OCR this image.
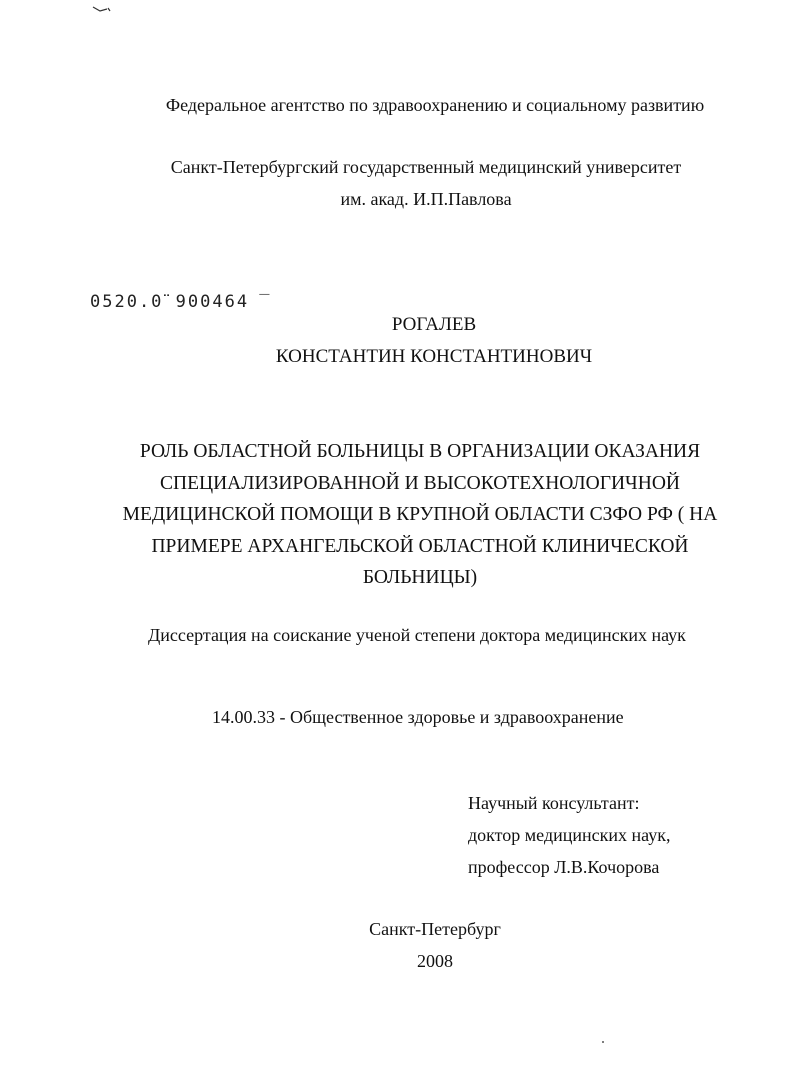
Федеральное агентство по здравоохранению и социальному развитию
Санкт-Петербургский государственный медицинский университет
им. акад. И.П.Павлова
0520.0̈ 900464 ̅
РОГАЛЕВ
КОНСТАНТИН КОНСТАНТИНОВИЧ
РОЛЬ ОБЛАСТНОЙ БОЛЬНИЦЫ В ОРГАНИЗАЦИИ ОКАЗАНИЯ
СПЕЦИАЛИЗИРОВАННОЙ И ВЫСОКОТЕХНОЛОГИЧНОЙ
МЕДИЦИНСКОЙ ПОМОЩИ В КРУПНОЙ ОБЛАСТИ СЗФО РФ ( НА
ПРИМЕРЕ АРХАНГЕЛЬСКОЙ ОБЛАСТНОЙ КЛИНИЧЕСКОЙ
БОЛЬНИЦЫ)
Диссертация на соискание ученой степени доктора медицинских наук
14.00.33 - Общественное здоровье и здравоохранение
Научный консультант:
доктор медицинских наук,
профессор Л.В.Кочорова
Санкт-Петербург
2008
